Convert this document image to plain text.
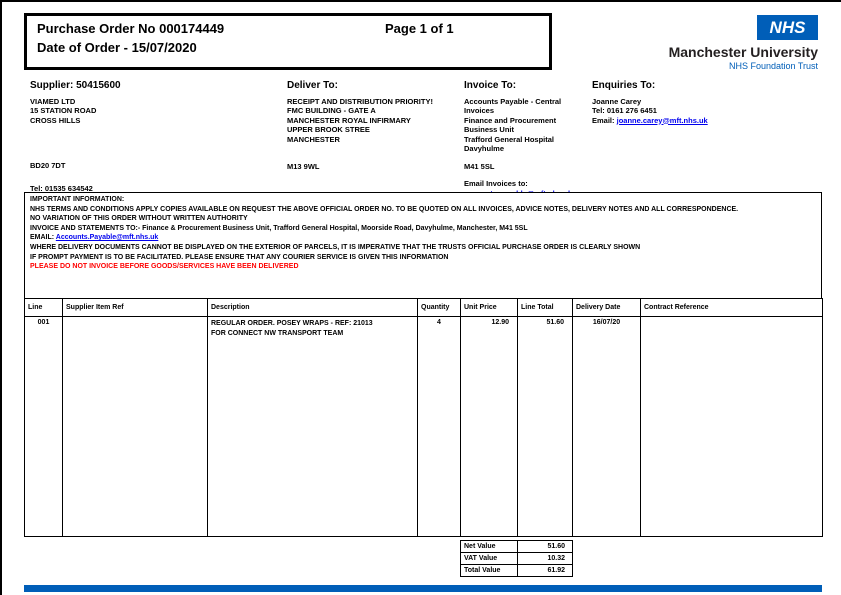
Purchase Order No 000174449	Page 1 of 1
Date of Order - 15/07/2020
NHS
Manchester University
NHS Foundation Trust
Supplier: 50415600
VIAMED LTD
15 STATION ROAD
CROSS HILLS
BD20 7DT
Tel: 01535 634542
Deliver To:
RECEIPT AND DISTRIBUTION PRIORITY!
FMC BUILDING - GATE A
MANCHESTER ROYAL INFIRMARY
UPPER BROOK STREE
MANCHESTER
M13 9WL
Invoice To:
Accounts Payable - Central
Invoices
Finance and Procurement
Business Unit
Trafford General Hospital
Davyhulme
M41 5SL
Email Invoices to:
Enquiries To:
Joanne Carey
Tel: 0161 276 6451
Email: joanne.carey@mft.nhs.uk
IMPORTANT INFORMATION:
NHS TERMS AND CONDITIONS APPLY COPIES AVAILABLE ON REQUEST THE ABOVE OFFICIAL ORDER NO. TO BE QUOTED ON ALL INVOICES, ADVICE NOTES, DELIVERY NOTES AND ALL CORRESPONDENCE.
NO VARIATION OF THIS ORDER WITHOUT WRITTEN AUTHORITY
INVOICE AND STATEMENTS TO:- Finance & Procurement Business Unit, Trafford General Hospital, Moorside Road, Davyhulme, Manchester, M41 5SL
EMAIL: Accounts.Payable@mft.nhs.uk
WHERE DELIVERY DOCUMENTS CANNOT BE DISPLAYED ON THE EXTERIOR OF PARCELS, IT IS IMPERATIVE THAT THE TRUSTS OFFICIAL PURCHASE ORDER IS CLEARLY SHOWN
IF PROMPT PAYMENT IS TO BE FACILITATED. PLEASE ENSURE THAT ANY COURIER SERVICE IS GIVEN THIS INFORMATION
PLEASE DO NOT INVOICE BEFORE GOODS/SERVICES HAVE BEEN DELIVERED
Line	Supplier Item Ref	Description	Quantity	Unit Price	Line Total	Delivery Date	Contract Reference
001		REGULAR ORDER. POSEY WRAPS - REF: 21013
FOR CONNECT NW TRANSPORT TEAM	4	12.90	51.60	16/07/20	
Net Value	51.60
VAT Value	10.32
Total Value	61.92
